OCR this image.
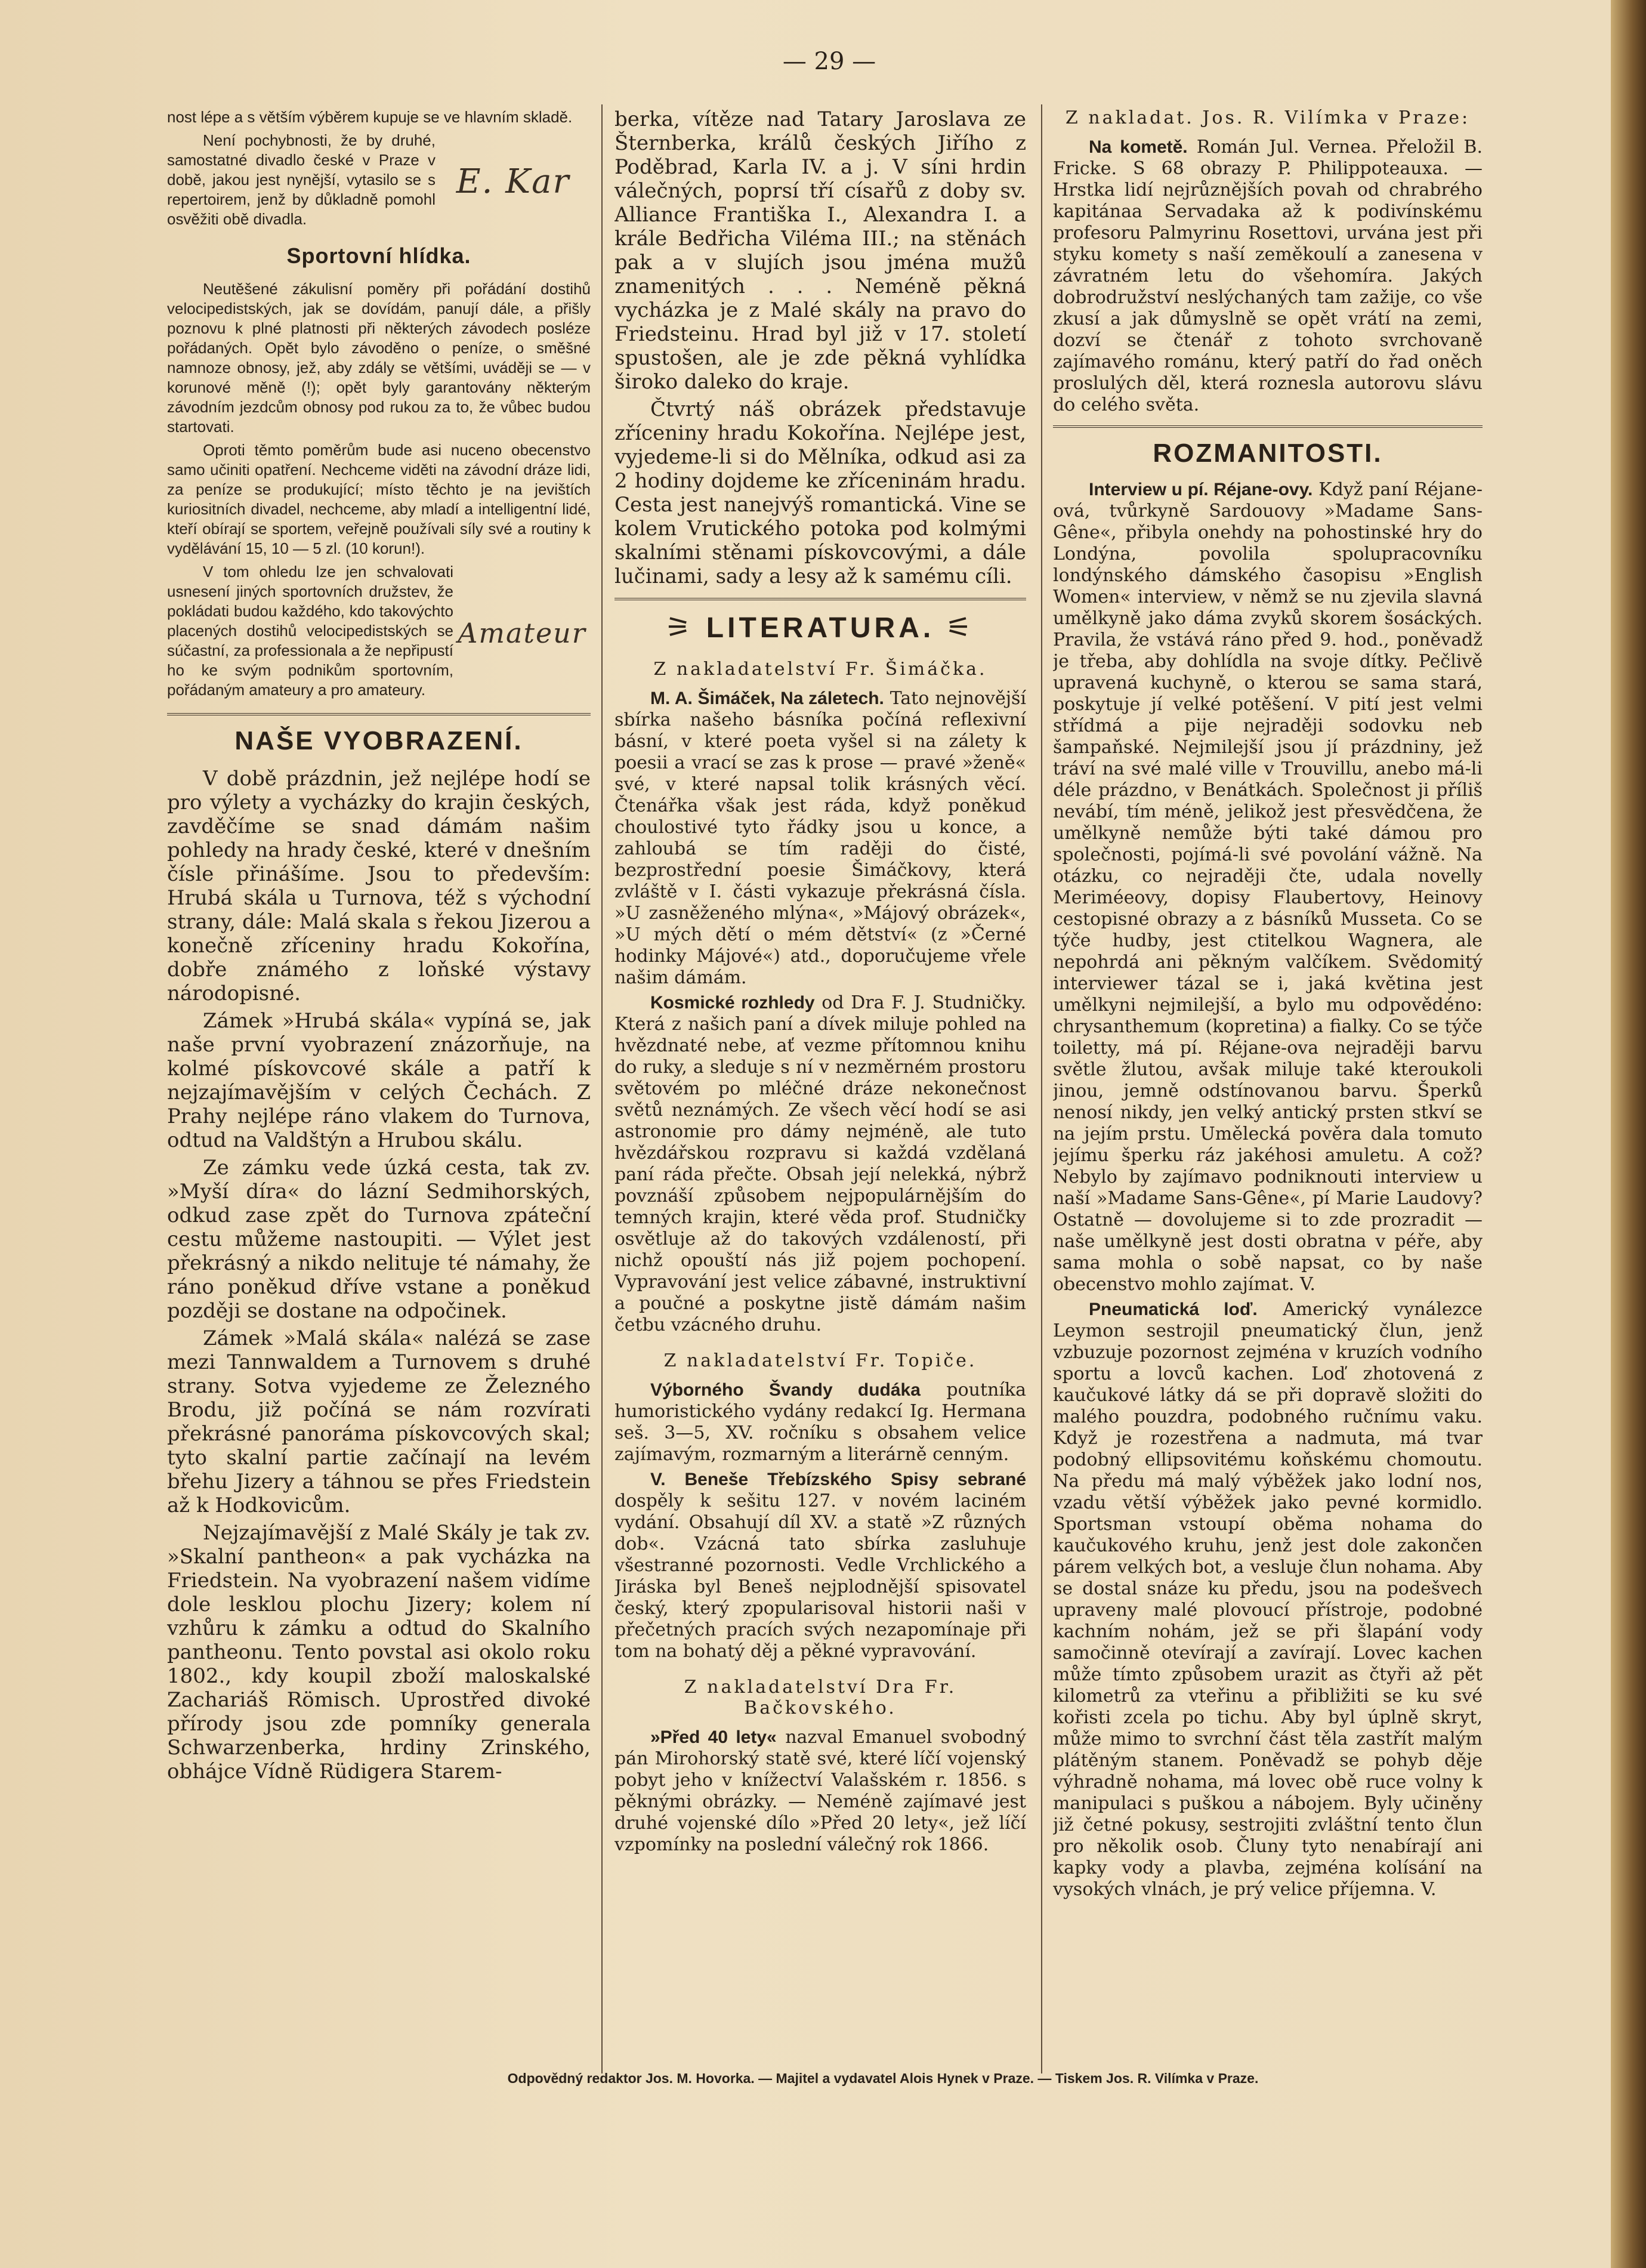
— 29 —

nost lépe a s větším výběrem kupuje se ve hlavním skladě.

Není pochybnosti, že by druhé, samostatné divadlo české v Praze v době, jakou jest nynější, vytasilo se s repertoirem, jenž by důkladně pomohl osvěžiti obě divadla.

E. Kar
Sportovní hlídka.

Neutěšené zákulisní poměry při pořádání dostihů velocipedistských, jak se dovídám, panují dále, a přišly poznovu k plné platnosti při některých závodech posléze pořádaných. Opět bylo závoděno o peníze, o směšné namnoze obnosy, jež, aby zdály se většími, uváději se — v korunové měně (!); opět byly garantovány některým závodním jezdcům obnosy pod rukou za to, že vůbec budou startovati.

Oproti těmto poměrům bude asi nuceno obecenstvo samo učiniti opatření. Nechceme viděti na závodní dráze lidi, za peníze se produkující; místo těchto je na jevištích kuriositních divadel, nechceme, aby mladí a intelligentní lidé, kteří obírají se sportem, veřejně používali síly své a routiny k vydělávání 15, 10 — 5 zl. (10 korun!).

V tom ohledu lze jen schvalovati usnesení jiných sportovních družstev, že pokládati budou každého, kdo takovýchto placených dostihů velocipedistských se súčastní, za professionala a že nepřipustí ho ke svým podnikům sportovním, pořádaným amateury a pro amateury.

Amateur
NAŠE VYOBRAZENÍ.

V době prázdnin, jež nejlépe hodí se pro výlety a vycházky do krajin českých, zavděčíme se snad dámám našim pohledy na hrady české, které v dnešním čísle přinášíme. Jsou to především: Hrubá skála u Turnova, též s východní strany, dále: Malá skala s řekou Jizerou a konečně zříceniny hradu Kokořína, dobře známého z loňské výstavy národopisné.

Zámek »Hrubá skála« vypíná se, jak naše první vyobrazení znázorňuje, na kolmé pískovcové skále a patří k nejzajímavějším v celých Čechách. Z Prahy nejlépe ráno vlakem do Turnova, odtud na Valdštýn a Hrubou skálu.

Ze zámku vede úzká cesta, tak zv. »Myší díra« do lázní Sedmihorských, odkud zase zpět do Turnova zpáteční cestu můžeme nastoupiti. — Výlet jest překrásný a nikdo nelituje té námahy, že ráno poněkud dříve vstane a poněkud později se dostane na odpočinek.

Zámek »Malá skála« nalézá se zase mezi Tannwaldem a Turnovem s druhé strany. Sotva vyjedeme ze Železného Brodu, již počíná se nám rozvírati překrásné panoráma pískovcových skal; tyto skalní partie začínají na levém břehu Jizery a táhnou se přes Friedstein až k Hodkovicům.

Nejzajímavější z Malé Skály je tak zv. »Skalní pantheon« a pak vycházka na Friedstein. Na vyobrazení našem vidíme dole lesklou plochu Jizery; kolem ní vzhůru k zámku a odtud do Skalního pantheonu. Tento povstal asi okolo roku 1802., kdy koupil zboží maloskalské Zachariáš Römisch. Uprostřed divoké přírody jsou zde pomníky generala Schwarzenberka, hrdiny Zrinského, obhájce Vídně Rüdigera Starem-

berka, vítěze nad Tatary Jaroslava ze Šternberka, králů českých Jiřího z Poděbrad, Karla IV. a j. V síni hrdin válečných, poprsí tří císařů z doby sv. Alliance Františka I., Alexandra I. a krále Bedřicha Viléma III.; na stěnách pak a v slujích jsou jména mužů znamenitých . . . Neméně pěkná vycházka je z Malé skály na pravo do Friedsteinu. Hrad byl již v 17. století spustošen, ale je zde pěkná vyhlídka široko daleko do kraje.

Čtvrtý náš obrázek představuje zříceniny hradu Kokořína. Nejlépe jest, vyjedeme-li si do Mělníka, odkud asi za 2 hodiny dojdeme ke zříceninám hradu. Cesta jest nanejvýš romantická. Vine se kolem Vrutického potoka pod kolmými skalními stěnami pískovcovými, a dále lučinami, sady a lesy až k samému cíli.

⚞ LITERATURA. ⚟
Z nakladatelství Fr. Šimáčka.

M. A. Šimáček, Na záletech. Tato nejnovější sbírka našeho básníka počíná reflexivní básní, v které poeta vyšel si na zálety k poesii a vrací se zas k prose — pravé »ženě« své, v které napsal tolik krásných věcí. Čtenářka však jest ráda, když poněkud choulostivé tyto řádky jsou u konce, a zahloubá se tím raději do čisté, bezprostřední poesie Šimáčkovy, která zvláště v I. části vykazuje překrásná čísla. »U zasněženého mlýna«, »Májový obrázek«, »U mých dětí o mém dětství« (z »Černé hodinky Májové«) atd., doporučujeme vřele našim dámám.

Kosmické rozhledy od Dra F. J. Studničky. Která z našich paní a dívek miluje pohled na hvězdnaté nebe, ať vezme přítomnou knihu do ruky, a sleduje s ní v nezměrném prostoru světovém po mléčné dráze nekonečnost světů neznámých. Ze všech věcí hodí se asi astronomie pro dámy nejméně, ale tuto hvězdářskou rozpravu si každá vzdělaná paní ráda přečte. Obsah její nelekká, nýbrž povznáší způsobem nejpopulárnějším do temných krajin, které věda prof. Studničky osvětluje až do takových vzdáleností, při nichž opouští nás již pojem pochopení. Vypravování jest velice zábavné, instruktivní a poučné a poskytne jistě dámám našim četbu vzácného druhu.

Z nakladatelství Fr. Topiče.

Výborného Švandy dudáka poutníka humoristického vydány redakcí Ig. Hermana seš. 3—5, XV. ročníku s obsahem velice zajímavým, rozmarným a literárně cenným.

V. Beneše Třebízského Spisy sebrané dospěly k sešitu 127. v novém laciném vydání. Obsahují díl XV. a statě »Z různých dob«. Vzácná tato sbírka zasluhuje všestranné pozornosti. Vedle Vrchlického a Jiráska byl Beneš nejplodnější spisovatel český, který zpopularisoval historii naši v přečetných pracích svých nezapomínaje při tom na bohatý děj a pěkné vypravování.

Z nakladatelství Dra Fr. Bačkovského.

»Před 40 lety« nazval Emanuel svobodný pán Mirohorský statě své, které líčí vojenský pobyt jeho v knížectví Valašském r. 1856. s pěknými obrázky. — Neméně zajímavé jest druhé vojenské dílo »Před 20 lety«, jež líčí vzpomínky na poslední válečný rok 1866.

Z nakladat. Jos. R. Vilímka v Praze:

Na kometě. Román Jul. Vernea. Přeložil B. Fricke. S 68 obrazy P. Philippoteauxa. — Hrstka lidí nejrůznějších povah od chrabrého kapitánaa Servadaka až k podivínskému profesoru Palmyrinu Rosettovi, urvána jest při styku komety s naší zeměkoulí a zanesena v závratném letu do všehomíra. Jakých dobrodružství neslýchaných tam zažije, co vše zkusí a jak důmyslně se opět vrátí na zemi, dozví se čtenář z tohoto svrchovaně zajímavého románu, který patří do řad oněch proslulých děl, která roznesla autorovu slávu do celého světa.

ROZMANITOSTI.

Interview u pí. Réjane-ovy. Když paní Réjane-ová, tvůrkyně Sardouovy »Madame Sans-Gêne«, přibyla onehdy na pohostinské hry do Londýna, povolila spolupracovníku londýnského dámského časopisu »English Women« interview, v němž se nu zjevila slavná umělkyně jako dáma zvyků skorem šosáckých. Pravila, že vstává ráno před 9. hod., poněvadž je třeba, aby dohlídla na svoje dítky. Pečlivě upravená kuchyně, o kterou se sama stará, poskytuje jí velké potěšení. V pití jest velmi střídmá a pije nejraději sodovku neb šampaňské. Nejmilejší jsou jí prázdniny, jež tráví na své malé ville v Trouvillu, anebo má-li déle prázdno, v Benátkách. Společnost ji příliš nevábí, tím méně, jelikož jest přesvědčena, že umělkyně nemůže býti také dámou pro společnosti, pojímá-li své povolání vážně. Na otázku, co nejraději čte, udala novelly Meriméeovy, dopisy Flaubertovy, Heinovy cestopisné obrazy a z básníků Musseta. Co se týče hudby, jest ctitelkou Wagnera, ale nepohrdá ani pěkným valčíkem. Svědomitý interviewer tázal se i, jaká květina jest umělkyni nejmilejší, a bylo mu odpovědéno: chrysanthemum (kopretina) a fialky. Co se týče toiletty, má pí. Réjane-ova nejraději barvu světle žlutou, avšak miluje také kteroukoli jinou, jemně odstínovanou barvu. Šperků nenosí nikdy, jen velký antický prsten stkví se na jejím prstu. Umělecká pověra dala tomuto jejímu šperku ráz jakéhosi amuletu. A což? Nebylo by zajímavo podniknouti interview u naší »Madame Sans-Gêne«, pí Marie Laudovy? Ostatně — dovolujeme si to zde prozradit — naše umělkyně jest dosti obratna v péře, aby sama mohla o sobě napsat, co by naše obecenstvo mohlo zajímat. V.

Pneumatická loď. Americký vynálezce Leymon sestrojil pneumatický člun, jenž vzbuzuje pozornost zejména v kruzích vodního sportu a lovců kachen. Loď zhotovená z kaučukové látky dá se při dopravě složiti do malého pouzdra, podobného ručnímu vaku. Když je rozestřena a nadmuta, má tvar podobný ellipsovitému koňskému chomoutu. Na předu má malý výběžek jako lodní nos, vzadu větší výběžek jako pevné kormidlo. Sportsman vstoupí oběma nohama do kaučukového kruhu, jenž jest dole zakončen párem velkých bot, a vesluje člun nohama. Aby se dostal snáze ku předu, jsou na podešvech upraveny malé plovoucí přístroje, podobné kachním nohám, jež se při šlapání vody samočinně otevírají a zavírají. Lovec kachen může tímto způsobem urazit as čtyři až pět kilometrů za vteřinu a přibližiti se ku své kořisti zcela po tichu. Aby byl úplně skryt, může mimo to svrchní část těla zastřít malým plátěným stanem. Poněvadž se pohyb děje výhradně nohama, má lovec obě ruce volny k manipulaci s puškou a nábojem. Byly učiněny již četné pokusy, sestrojiti zvláštní tento člun pro několik osob. Čluny tyto nenabírají ani kapky vody a plavba, zejména kolísání na vysokých vlnách, je prý velice příjemna. V.

Odpovědný redaktor Jos. M. Hovorka. — Majitel a vydavatel Alois Hynek v Praze. — Tiskem Jos. R. Vilímka v Praze.
